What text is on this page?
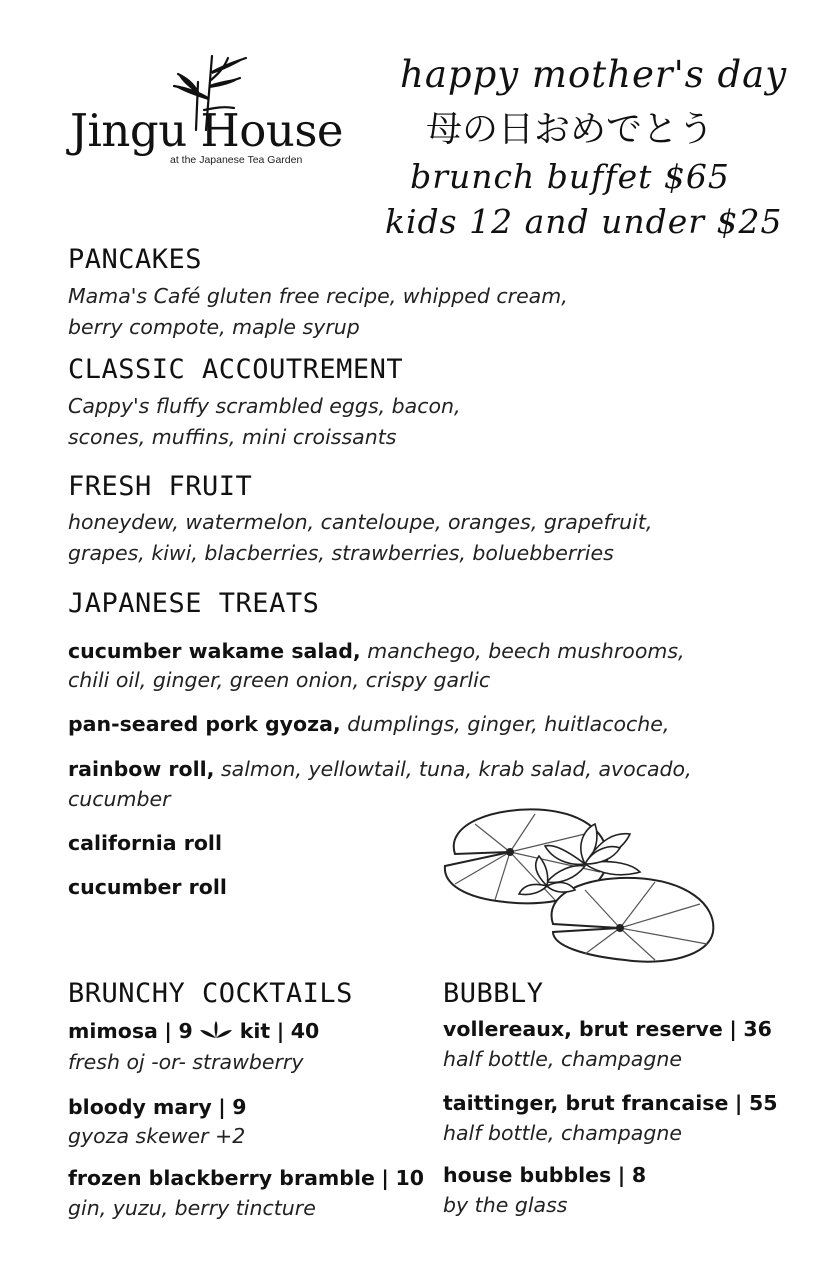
Jingu House
at the Japanese Tea Garden
happy mother's day
母の日おめでとう
brunch buffet $65
kids 12 and under $25
PANCAKES
Mama's Café gluten free recipe, whipped cream,
berry compote, maple syrup
CLASSIC ACCOUTREMENT
Cappy's fluffy scrambled eggs, bacon,
scones, muffins, mini croissants
FRESH FRUIT
honeydew, watermelon, canteloupe, oranges, grapefruit,
grapes, kiwi, blacberries, strawberries, boluebberries
JAPANESE TREATS
cucumber wakame salad, manchego, beech mushrooms,
chili oil, ginger, green onion, crispy garlic
pan-seared pork gyoza, dumplings, ginger, huitlacoche,
rainbow roll, salmon, yellowtail, tuna, krab salad, avocado,
cucumber
california roll
cucumber roll
BRUNCHY COCKTAILS
mimosa | 9 kit | 40
fresh oj -or- strawberry
bloody mary | 9
gyoza skewer +2
frozen blackberry bramble | 10
gin, yuzu, berry tincture
BUBBLY
vollereaux, brut reserve | 36
half bottle, champagne
taittinger, brut francaise | 55
half bottle, champagne
house bubbles | 8
by the glass
